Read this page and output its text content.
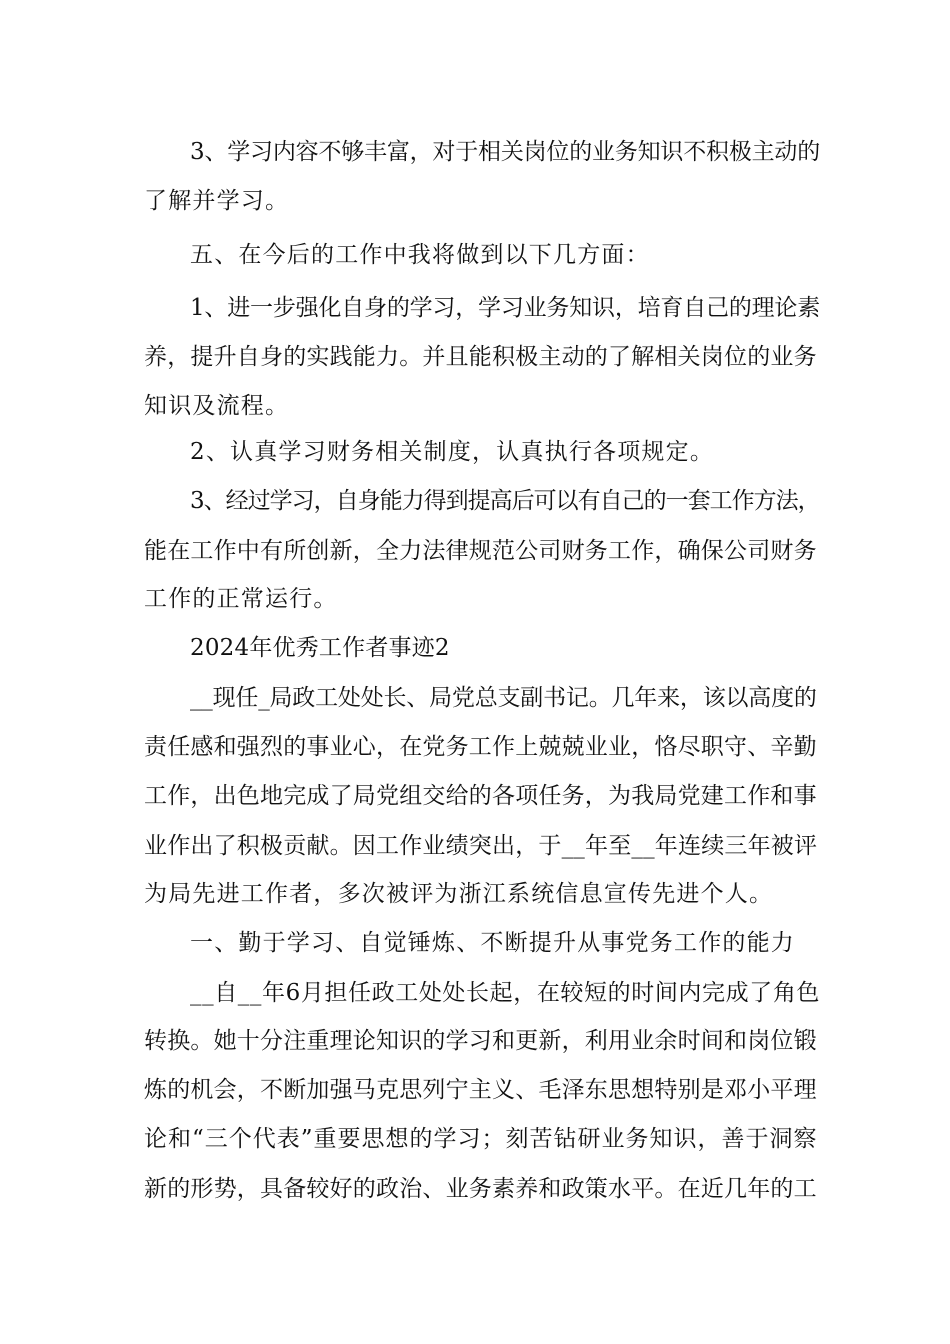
3、学习内容不够丰富，对于相关岗位的业务知识不积极主动的
了解并学习。
五、在今后的工作中我将做到以下几方面：
1、进一步强化自身的学习，学习业务知识，培育自己的理论素
养，提升自身的实践能力。并且能积极主动的了解相关岗位的业务
知识及流程。
2、认真学习财务相关制度，认真执行各项规定。
3、经过学习，自身能力得到提高后可以有自己的一套工作方法，
能在工作中有所创新，全力法律规范公司财务工作，确保公司财务
工作的正常运行。
2024年优秀工作者事迹2
__现任_局政工处处长、局党总支副书记。几年来，该以高度的
责任感和强烈的事业心，在党务工作上兢兢业业，恪尽职守、辛勤
工作，出色地完成了局党组交给的各项任务，为我局党建工作和事
业作出了积极贡献。因工作业绩突出，于__年至__年连续三年被评
为局先进工作者，多次被评为浙江系统信息宣传先进个人。
一、勤于学习、自觉锤炼、不断提升从事党务工作的能力
__自__年6月担任政工处处长起，在较短的时间内完成了角色
转换。她十分注重理论知识的学习和更新，利用业余时间和岗位锻
炼的机会，不断加强马克思列宁主义、毛泽东思想特别是邓小平理
论和“三个代表”重要思想的学习；刻苦钻研业务知识，善于洞察
新的形势，具备较好的政治、业务素养和政策水平。在近几年的工
